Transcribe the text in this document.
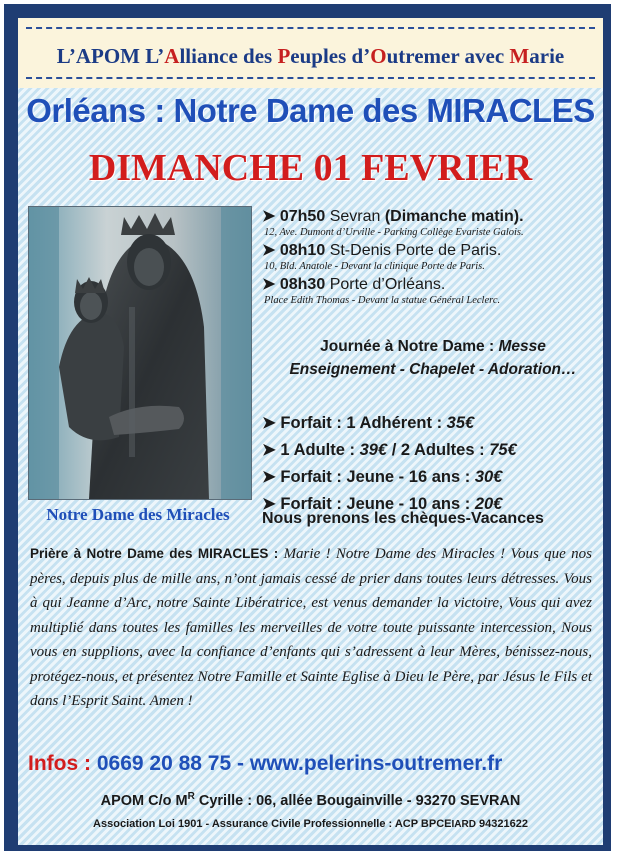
L’APOM L’Alliance des Peuples d’Outremer avec Marie
Orléans : Notre Dame des MIRACLES
DIMANCHE 01 FEVRIER
Notre Dame des Miracles
➤ 07h50 Sevran (Dimanche matin).
12, Ave. Dumont d’Urville - Parking Collège Evariste Galois.
➤ 08h10 St-Denis Porte de Paris.
10, Bld. Anatole - Devant la clinique Porte de Paris.
➤ 08h30 Porte d’Orléans.
Place Edith Thomas - Devant la statue Général Leclerc.
Journée à Notre Dame : Messe
Enseignement - Chapelet - Adoration…
➤ Forfait : 1 Adhérent : 35€
➤ 1 Adulte : 39€ / 2 Adultes : 75€
➤ Forfait : Jeune - 16 ans : 30€
➤ Forfait : Jeune - 10 ans : 20€
Nous prenons les chèques-Vacances
Prière à Notre Dame des MIRACLES : Marie ! Notre Dame des Miracles ! Vous que nos pères, depuis plus de mille ans, n’ont jamais cessé de prier dans toutes leurs détresses. Vous à qui Jeanne d’Arc, notre Sainte Libératrice, est venus demander la victoire, Vous qui avez multiplié dans toutes les familles les merveilles de votre toute puissante intercession, Nous vous en supplions, avec la confiance d’enfants qui s’adressent à leur Mères, bénissez-nous, protégez-nous, et présentez Notre Famille et Sainte Eglise à Dieu le Père, par Jésus le Fils et dans l’Esprit Saint. Amen !
Infos : 0669 20 88 75 - www.pelerins-outremer.fr
APOM C/o $M^R$ Cyrille : 06, allée Bougainville - 93270 SEVRAN
Association Loi 1901 - Assurance Civile Professionnelle : ACP BPCEIARD 94321622
